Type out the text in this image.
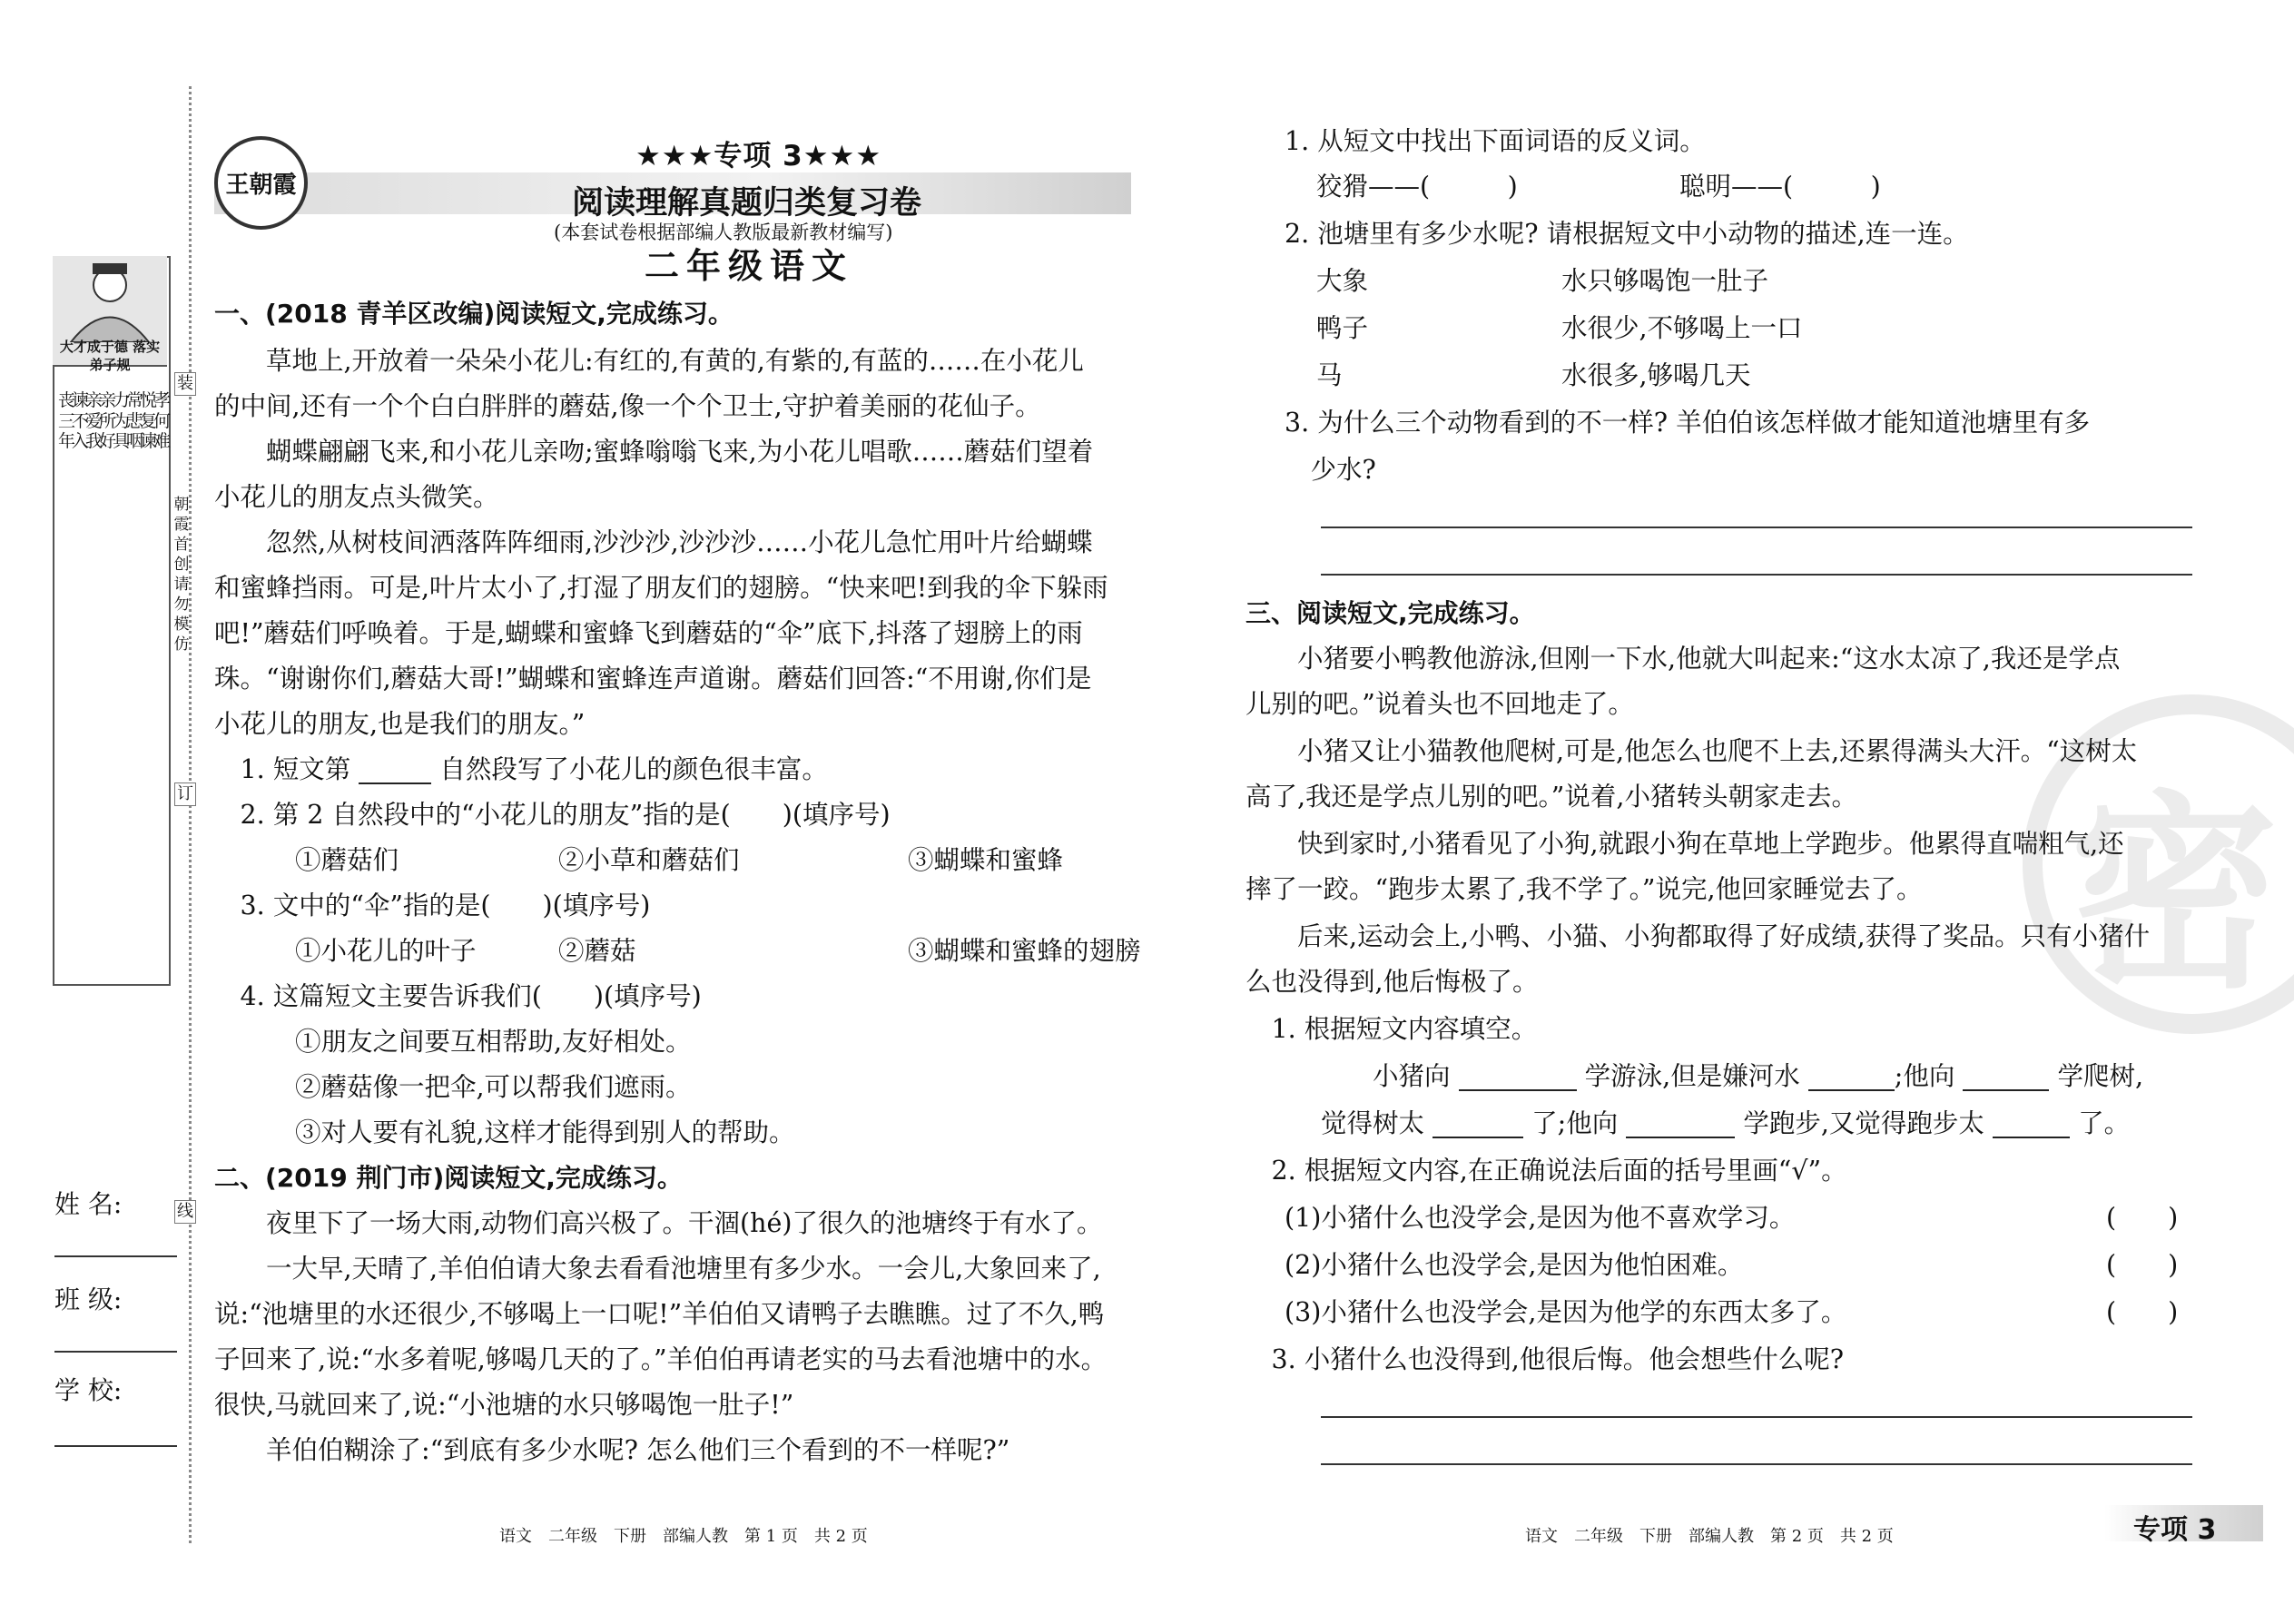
大才成于德 落实弟子规
丧三年
谏不入
亲爱我
亲所好
力为具
常悲咽
悦复谏
孝何难
装
订
线
朝霞首创 请勿模仿
姓 名:
班 级:
学 校:
王朝霞
★★★专项 3★★★
阅读理解真题归类复习卷
(本套试卷根据部编人教版最新教材编写)
二年级语文
一、(2018 青羊区改编)阅读短文,完成练习。
　　草地上,开放着一朵朵小花儿:有红的,有黄的,有紫的,有蓝的……在小花儿
的中间,还有一个个白白胖胖的蘑菇,像一个个卫士,守护着美丽的花仙子。
　　蝴蝶翩翩飞来,和小花儿亲吻;蜜蜂嗡嗡飞来,为小花儿唱歌……蘑菇们望着
小花儿的朋友点头微笑。
　　忽然,从树枝间洒落阵阵细雨,沙沙沙,沙沙沙……小花儿急忙用叶片给蝴蝶
和蜜蜂挡雨。可是,叶片太小了,打湿了朋友们的翅膀。“快来吧!到我的伞下躲雨
吧!”蘑菇们呼唤着。于是,蝴蝶和蜜蜂飞到蘑菇的“伞”底下,抖落了翅膀上的雨
珠。“谢谢你们,蘑菇大哥!”蝴蝶和蜜蜂连声道谢。蘑菇们回答:“不用谢,你们是
小花儿的朋友,也是我们的朋友。”
　1. 短文第	自然段写了小花儿的颜色很丰富。
　2. 第 2 自然段中的“小花儿的朋友”指的是(　　)(填序号)
①蘑菇们	②小草和蘑菇们	③蝴蝶和蜜蜂
　3. 文中的“伞”指的是(　　)(填序号)
①小花儿的叶子	②蘑菇	③蝴蝶和蜜蜂的翅膀
　4. 这篇短文主要告诉我们(　　)(填序号)
①朋友之间要互相帮助,友好相处。
②蘑菇像一把伞,可以帮我们遮雨。
③对人要有礼貌,这样才能得到别人的帮助。
二、(2019 荆门市)阅读短文,完成练习。
　　夜里下了一场大雨,动物们高兴极了。干涸(hé)了很久的池塘终于有水了。
　　一大早,天晴了,羊伯伯请大象去看看池塘里有多少水。一会儿,大象回来了,
说:“池塘里的水还很少,不够喝上一口呢!”羊伯伯又请鸭子去瞧瞧。过了不久,鸭
子回来了,说:“水多着呢,够喝几天的了。”羊伯伯再请老实的马去看池塘中的水。
很快,马就回来了,说:“小池塘的水只够喝饱一肚子!”
　　羊伯伯糊涂了:“到底有多少水呢? 怎么他们三个看到的不一样呢?”
语文　二年级　下册　部编人教　第 1 页　共 2 页
密
1. 从短文中找出下面词语的反义词。
狡猾——(　　　)	聪明——(　　　)
2. 池塘里有多少水呢? 请根据短文中小动物的描述,连一连。
大象	水只够喝饱一肚子
鸭子	水很少,不够喝上一口
马	水很多,够喝几天
3. 为什么三个动物看到的不一样? 羊伯伯该怎样做才能知道池塘里有多
　少水?
三、阅读短文,完成练习。
　　小猪要小鸭教他游泳,但刚一下水,他就大叫起来:“这水太凉了,我还是学点
儿别的吧。”说着头也不回地走了。
　　小猪又让小猫教他爬树,可是,他怎么也爬不上去,还累得满头大汗。“这树太
高了,我还是学点儿别的吧。”说着,小猪转头朝家走去。
　　快到家时,小猪看见了小狗,就跟小狗在草地上学跑步。他累得直喘粗气,还
摔了一跤。“跑步太累了,我不学了。”说完,他回家睡觉去了。
　　后来,运动会上,小鸭、小猫、小狗都取得了好成绩,获得了奖品。只有小猪什
么也没得到,他后悔极了。
　1. 根据短文内容填空。
小猪向	学游泳,但是嫌河水	;他向	学爬树,
觉得树太	了;他向	学跑步,又觉得跑步太	了。
　2. 根据短文内容,在正确说法后面的括号里画“√”。
(1)小猪什么也没学会,是因为他不喜欢学习。	(　　)
(2)小猪什么也没学会,是因为他怕困难。	(　　)
(3)小猪什么也没学会,是因为他学的东西太多了。	(　　)
　3. 小猪什么也没得到,他很后悔。他会想些什么呢?
语文　二年级　下册　部编人教　第 2 页　共 2 页	专项 3
